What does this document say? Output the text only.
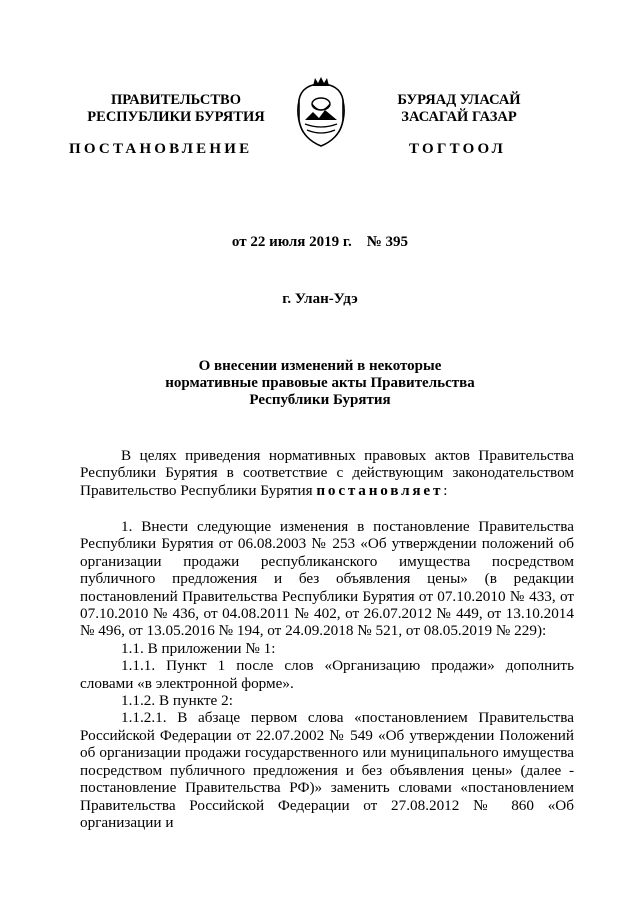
ПРАВИТЕЛЬСТВО
РЕСПУБЛИКИ БУРЯТИЯ
БУРЯАД УЛАСАЙ
ЗАСАГАЙ ГАЗАР
ПОСТАНОВЛЕНИЕ	ТОГТООЛ
от 22 июля 2019 г.    № 395
г. Улан-Удэ
О внесении изменений в некоторые
нормативные правовые акты Правительства
Республики Бурятия

В целях приведения нормативных правовых актов Правительства Республики Бурятия в соответствие с действующим законодательством Правительство Республики Бурятия постановляет:

1. Внести следующие изменения в постановление Правительства Республики Бурятия от 06.08.2003 № 253 «Об утверждении положений об организации продажи республиканского имущества посредством публичного предложения и без объявления цены» (в редакции постановлений Правительства Республики Бурятия от 07.10.2010 № 433, от 07.10.2010 № 436, от 04.08.2011 № 402, от 26.07.2012 № 449, от 13.10.2014 № 496, от 13.05.2016 № 194, от 24.09.2018 № 521, от 08.05.2019 № 229):

1.1. В приложении № 1:

1.1.1. Пункт 1 после слов «Организацию продажи» дополнить словами «в электронной форме».

1.1.2. В пункте 2:

1.1.2.1. В абзаце первом слова «постановлением Правительства Российской Федерации от 22.07.2002 № 549 «Об утверждении Положений об организации продажи государственного или муниципального имущества посредством публичного предложения и без объявления цены» (далее - постановление Правительства РФ)» заменить словами «постановлением Правительства Российской Федерации от 27.08.2012 № 860 «Об организации и
